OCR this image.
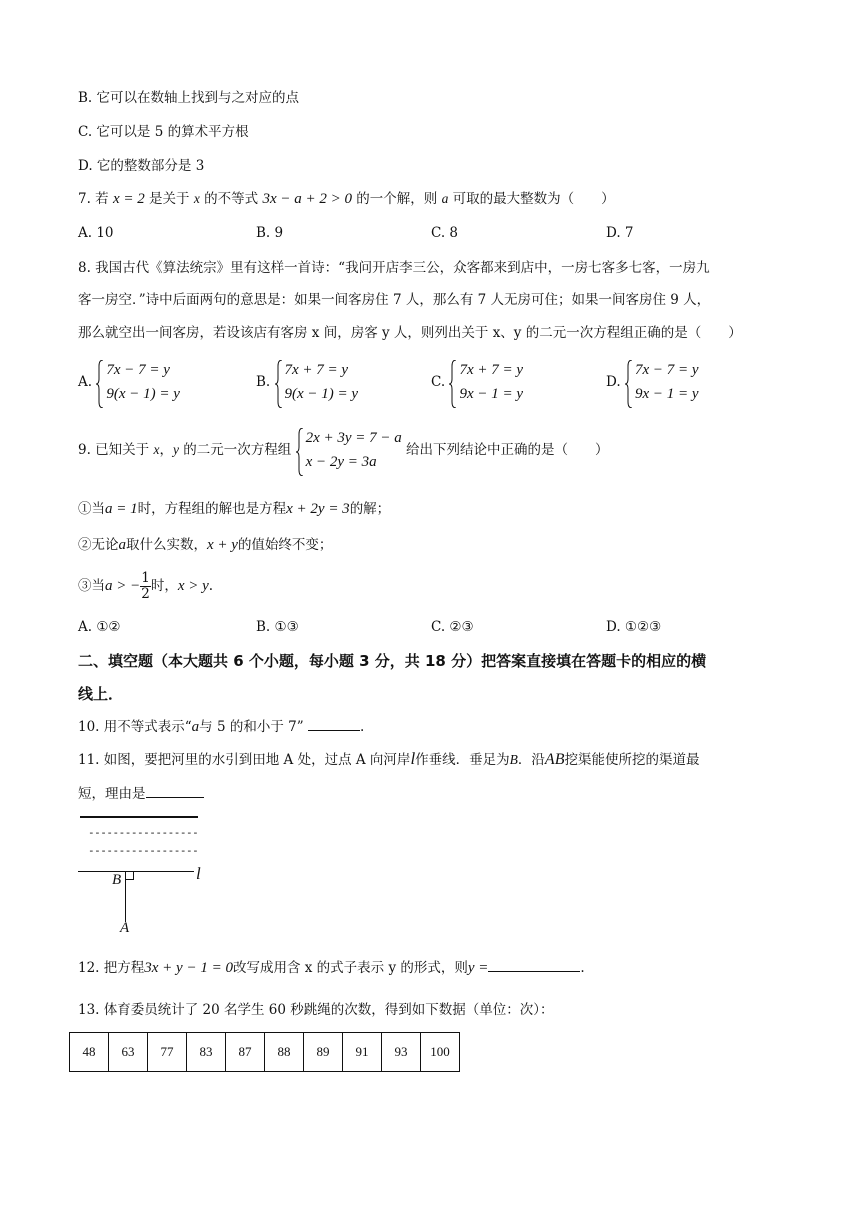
B. 它可以在数轴上找到与之对应的点
C. 它可以是 5 的算术平方根
D. 它的整数部分是 3
7. 若 x = 2 是关于 x 的不等式 3x − a + 2 > 0 的一个解，则 a 可取的最大整数为（　　）
A. 10	B. 9	C. 8	D. 7
8. 我国古代《算法统宗》里有这样一首诗：“我问开店李三公，众客都来到店中，一房七客多七客，一房九
客一房空．”诗中后面两句的意思是：如果一间客房住 7 人，那么有 7 人无房可住；如果一间客房住 9 人，
那么就空出一间客房，若设该店有客房 x 间，房客 y 人，则列出关于 x、y 的二元一次方程组正确的是（　　）
A.
7x − 7 = y
9(x − 1) = y
B.
7x + 7 = y
9(x − 1) = y
C.
7x + 7 = y
9x − 1 = y
D.
7x − 7 = y
9x − 1 = y
9. 已知关于 x，y 的二元一次方程组
2x + 3y = 7 − a
x − 2y = 3a
给出下列结论中正确的是（　　）
①当a = 1时，方程组的解也是方程x + 2y = 3的解；
②无论a取什么实数，x + y的值始终不变；
③当a > − $\frac{1}{2}$ 时，x > y.
A. ①②	B. ①③	C. ②③	D. ①②③
二、填空题（本大题共 6 个小题，每小题 3 分，共 18 分）把答案直接填在答题卡的相应的横
线上．
10. 用不等式表示“a与 5 的和小于 7”	.
11. 如图，要把河里的水引到田地 A 处，过点 A 向河岸l作垂线．垂足为B．沿AB挖渠能使所挖的渠道最
短，理由是
------------------
------------------
B	l
A
12. 把方程3x + y − 1 = 0改写成用含 x 的式子表示 y 的形式，则y =	.
13. 体育委员统计了 20 名学生 60 秒跳绳的次数，得到如下数据（单位：次）：
48	63	77	83	87	88	89	91	93	100
